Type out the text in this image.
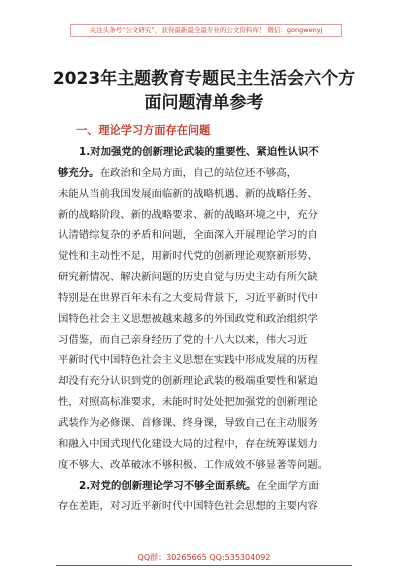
关注头条号“公文研究”，获得最新最全最专业的公文资料库！ 微信：gongwenyj
2023年主题教育专题民主生活会六个方
面问题清单参考
一、理论学习方面存在问题
1.对加强党的创新理论武装的重要性、紧迫性认识不
够充分。在政治和全局方面，自己的站位还不够高，
未能从当前我国发展面临新的战略机遇、新的战略任务、
新的战略阶段、新的战略要求、新的战略环境之中，充分
认清错综复杂的矛盾和问题，全面深入开展理论学习的自
觉性和主动性不足，用新时代党的创新理论观察新形势、
研究新情况、解决新问题的历史自觉与历史主动有所欠缺
特别是在世界百年未有之大变局背景下，习近平新时代中
国特色社会主义思想被越来越多的外国政党和政治组织学
习借鉴，而自己亲身经历了党的十八大以来，伟大习近
平新时代中国特色社会主义思想在实践中形成发展的历程
却没有充分认识到党的创新理论武装的极端重要性和紧迫
性，对照高标准要求，未能时时处处把加强党的创新理论
武装作为必修课、首修课、终身课，导致自己在主动服务
和融入中国式现代化建设大局的过程中，存在统筹谋划力
度不够大、改革破冰不够积极、工作成效不够显著等问题。
2.对党的创新理论学习不够全面系统。在全面学方面
存在差距，对习近平新时代中国特色社会思想的主要内容
QQ群：30265665 QQ:535304092
